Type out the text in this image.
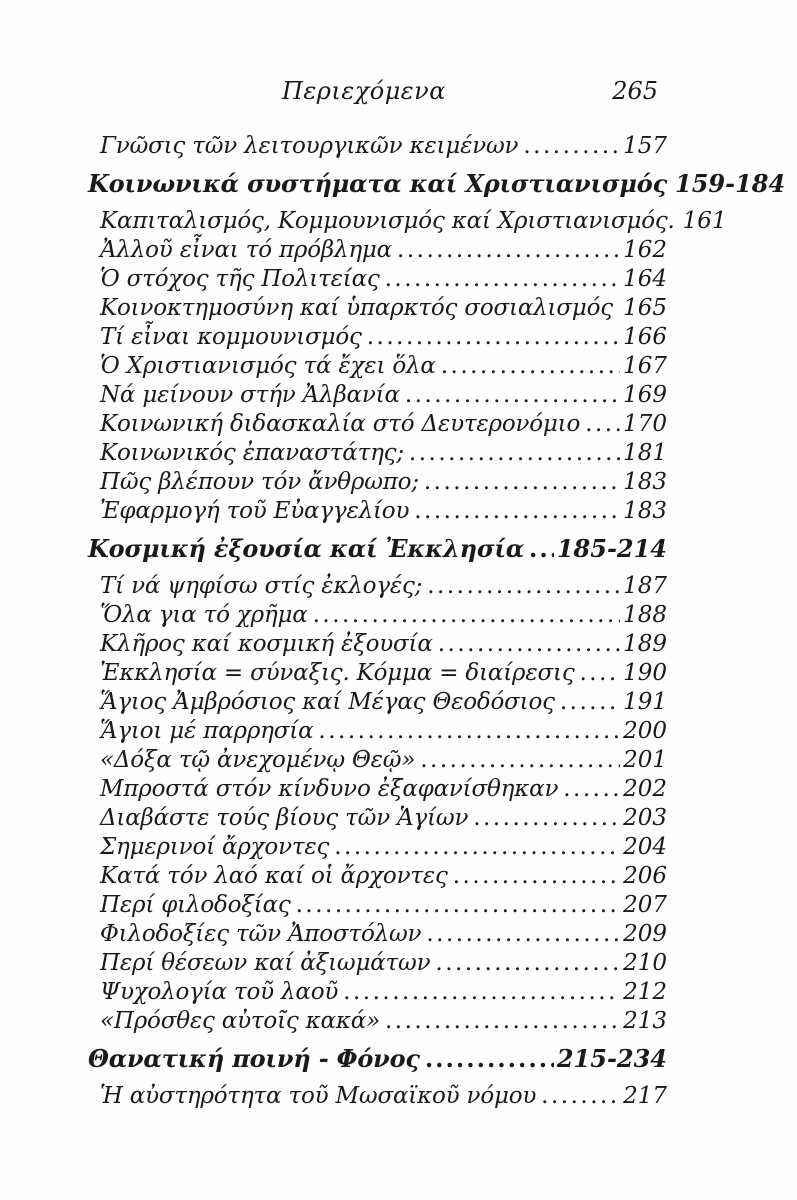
Περιεχόμενα	265
Γνῶσις τῶν λειτουργικῶν κειμένων .....	157
Κοινωνικά συστήματα καί Χριστιανισμός 159-184
Καπιταλισμός, Κομμουνισμός καί Χριστιανισμός. 161
Ἀλλοῦ εἶναι τό πρόβλημα .....	162
Ὁ στόχος τῆς Πολιτείας .....	164
Κοινοκτημοσύνη καί ὑπαρκτός σοσιαλισμός ..... 165
Τί εἶναι κομμουνισμός .....	166
Ὁ Χριστιανισμός τά ἔχει ὅλα .....	167
Νά μείνουν στήν Ἀλβανία .....	169
Κοινωνική διδασκαλία στό Δευτερονόμιο ..... 170
Κοινωνικός ἐπαναστάτης; .....	181
Πῶς βλέπουν τόν ἄνθρωπο; .....	183
Ἐφαρμογή τοῦ Εὐαγγελίου .....	183
Κοσμική ἐξουσία καί Ἐκκλησία ..... 185-214
Τί νά ψηφίσω στίς ἐκλογές; .....	187
Ὅλα για τό χρῆμα .....	188
Κλῆρος καί κοσμική ἐξουσία .....	189
Ἐκκλησία = σύναξις. Κόμμα = διαίρεσις ..... 190
Ἅγιος Ἀμβρόσιος καί Μέγας Θεοδόσιος .....	191
Ἅγιοι μέ παρρησία .....	200
«Δόξα τῷ ἀνεχομένῳ Θεῷ» .....	201
Μπροστά στόν κίνδυνο ἐξαφανίσθηκαν .....	202
Διαβάστε τούς βίους τῶν Ἁγίων .....	203
Σημερινοί ἄρχοντες .....	204
Κατά τόν λαό καί οἱ ἄρχοντες .....	206
Περί φιλοδοξίας .....	207
Φιλοδοξίες τῶν Ἀποστόλων .....	209
Περί θέσεων καί ἀξιωμάτων .....	210
Ψυχολογία τοῦ λαοῦ .....	212
«Πρόσθες αὐτοῖς κακά» .....	213
Θανατική ποινή - Φόνος .....	215-234
Ἡ αὐστηρότητα τοῦ Μωσαϊκοῦ νόμου .....	217
